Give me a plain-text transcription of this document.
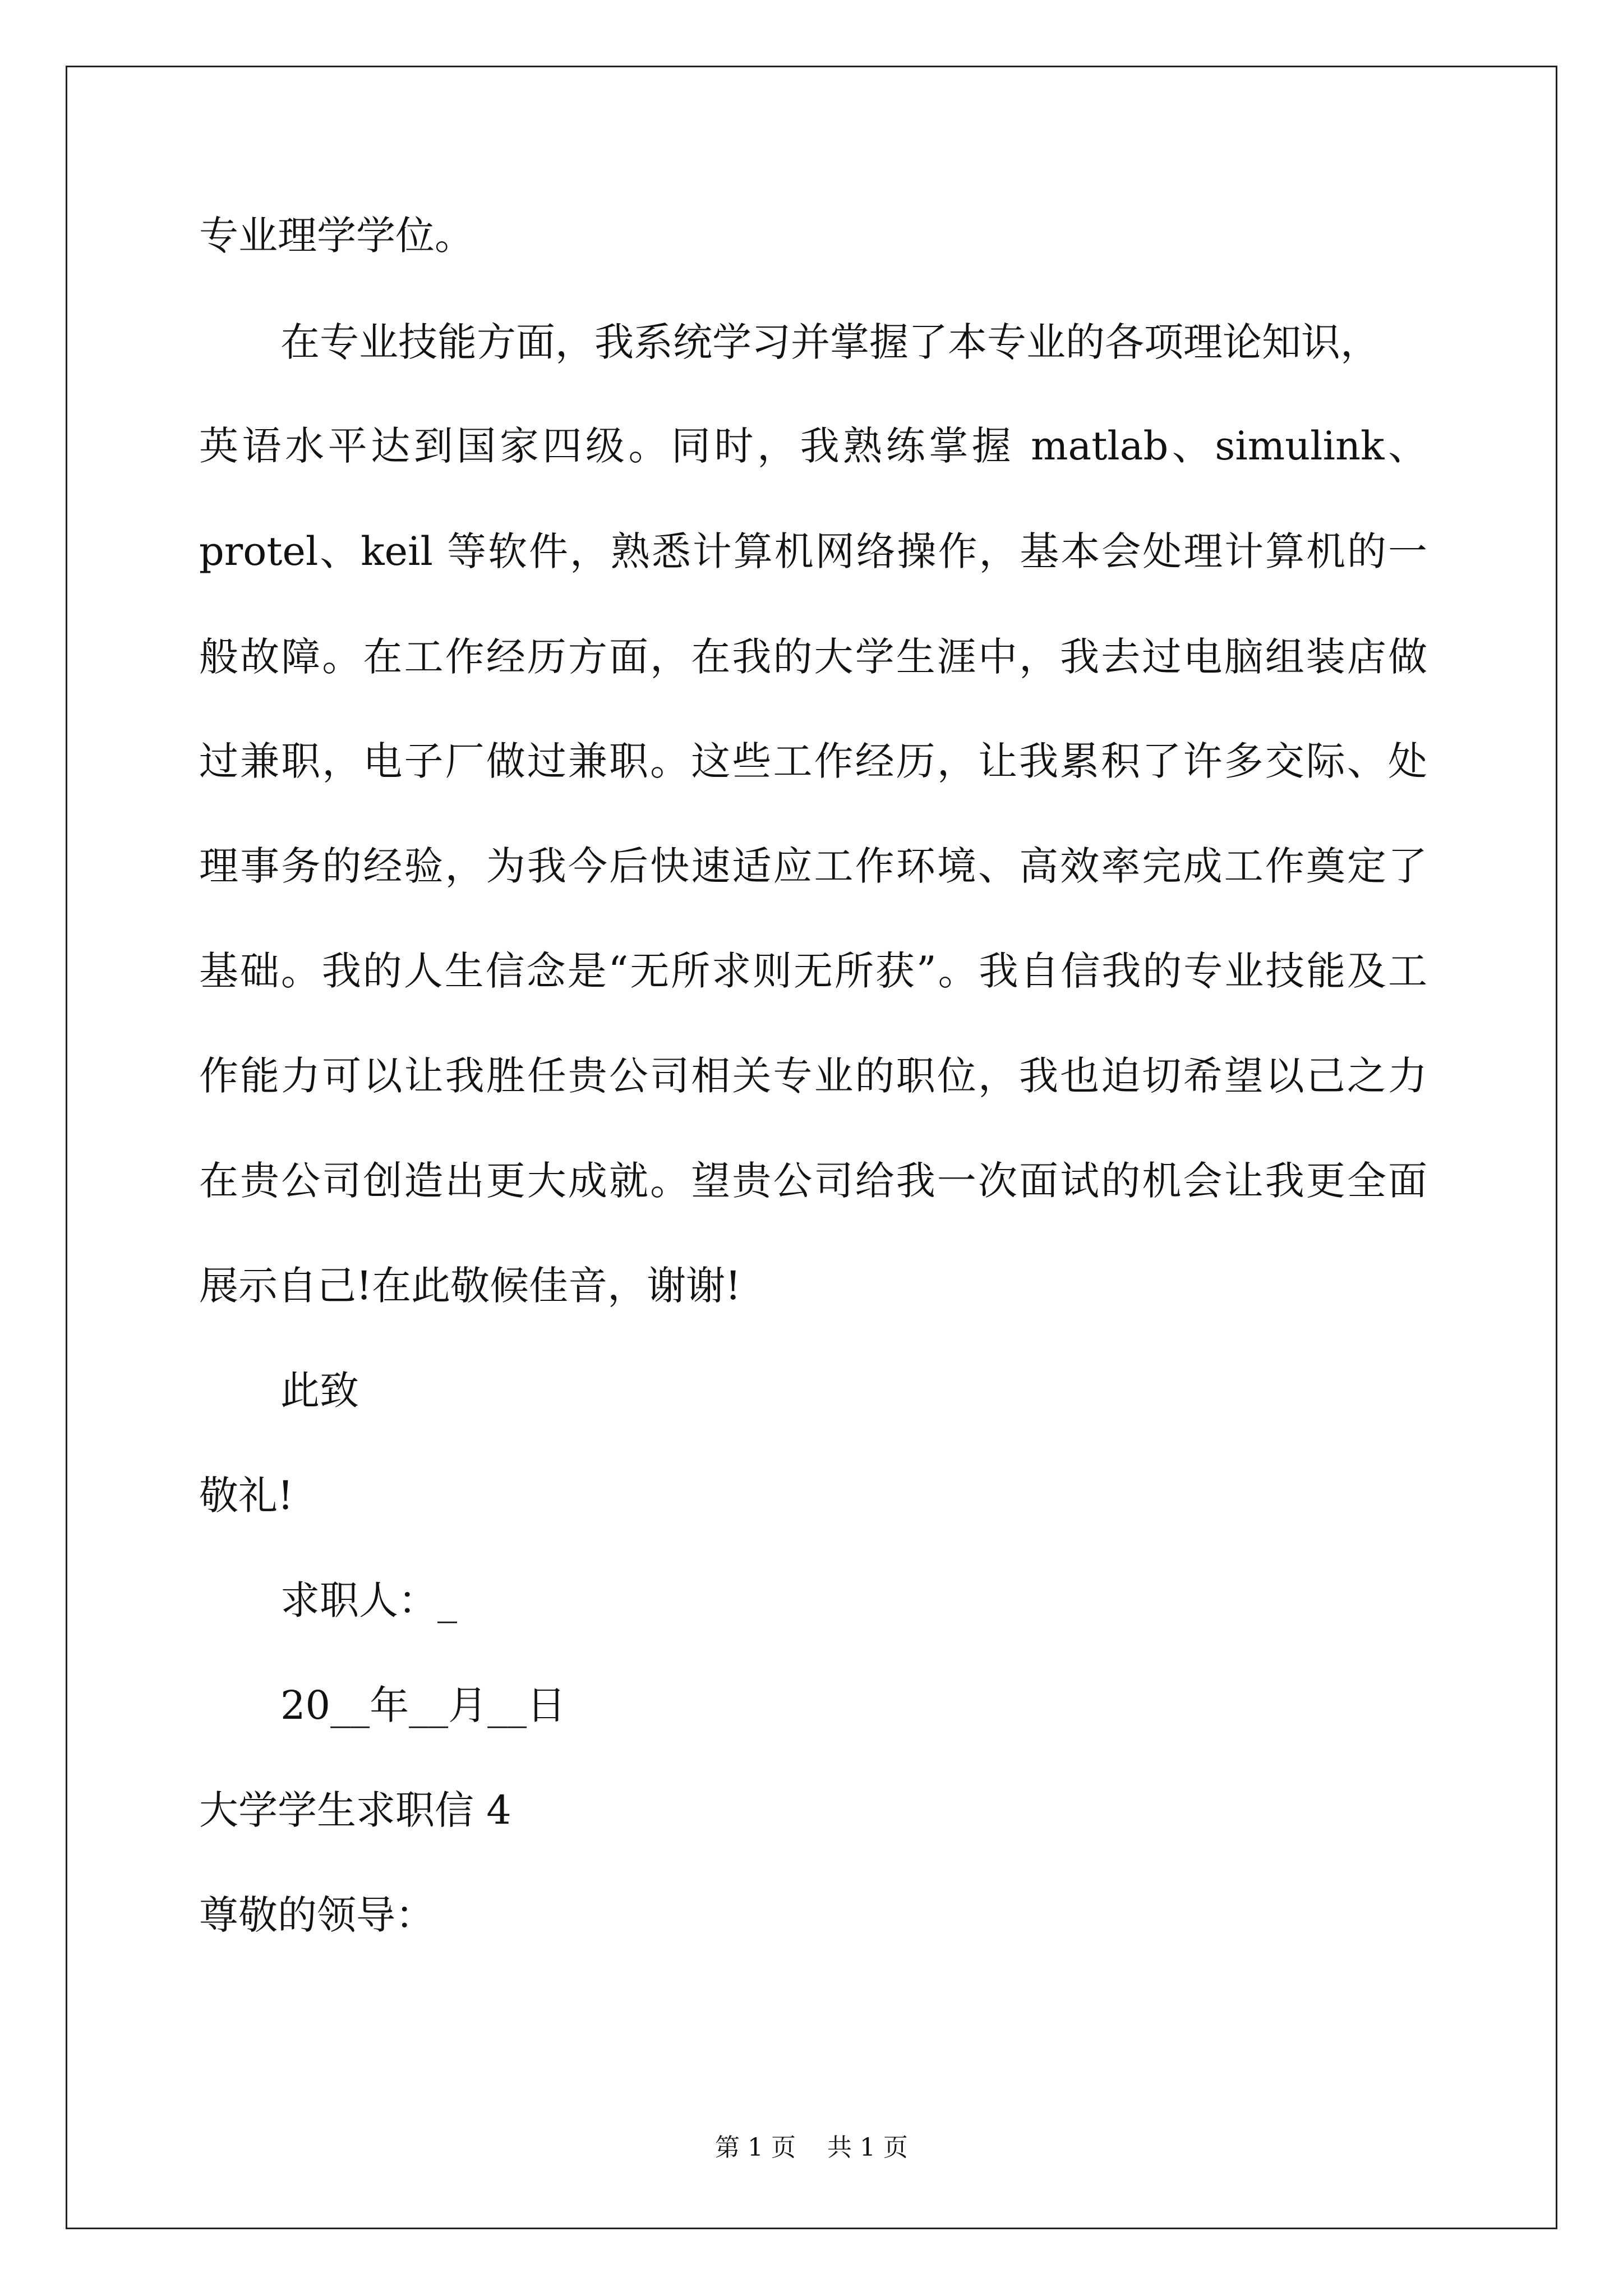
专业理学学位。
在专业技能方面，我系统学习并掌握了本专业的各项理论知识，
英语水平达到国家四级。同时，我熟练掌握 matlab、simulink、
protel、keil 等软件，熟悉计算机网络操作，基本会处理计算机的一
般故障。在工作经历方面，在我的大学生涯中，我去过电脑组装店做
过兼职，电子厂做过兼职。这些工作经历，让我累积了许多交际、处
理事务的经验，为我今后快速适应工作环境、高效率完成工作奠定了
基础。我的人生信念是“无所求则无所获”。我自信我的专业技能及工
作能力可以让我胜任贵公司相关专业的职位，我也迫切希望以己之力
在贵公司创造出更大成就。望贵公司给我一次面试的机会让我更全面
展示自己!在此敬候佳音，谢谢!
此致
敬礼!
求职人：_
20__年__月__日
大学学生求职信 4
尊敬的领导：
第 1 页    共 1 页
